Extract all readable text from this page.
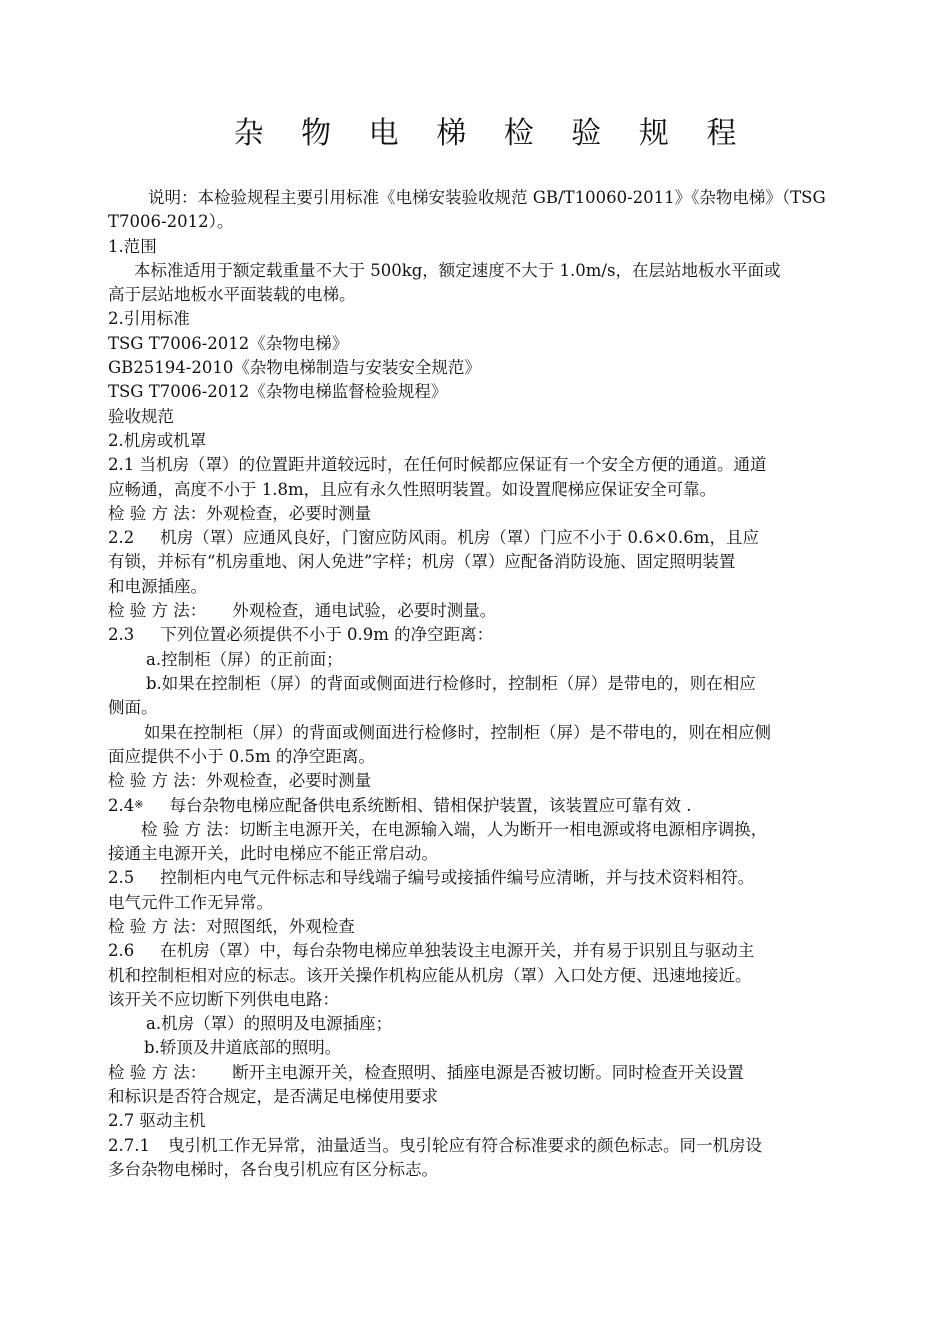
杂 物 电 梯 检 验 规 程
说明：本检验规程主要引用标准《电梯安装验收规范 GB/T10060-2011》《杂物电梯》（TSG
T7006-2012）。
1.范围
本标准适用于额定载重量不大于 500kg，额定速度不大于 1.0m/s，在层站地板水平面或
高于层站地板水平面装载的电梯。
2.引用标准
TSG T7006-2012《杂物电梯》
GB25194-2010《杂物电梯制造与安装安全规范》
TSG T7006-2012《杂物电梯监督检验规程》
验收规范
2.机房或机罩
2.1 当机房（罩）的位置距井道较远时，在任何时候都应保证有一个安全方便的通道。通道
应畅通，高度不小于 1.8m，且应有永久性照明装置。如设置爬梯应保证安全可靠。
检 验 方 法：外观检查，必要时测量
2.2 机房（罩）应通风良好，门窗应防风雨。机房（罩）门应不小于 0.6×0.6m，且应
有锁，并标有“机房重地、闲人免进”字样；机房（罩）应配备消防设施、固定照明装置
和电源插座。
检 验 方 法： 外观检查，通电试验，必要时测量。
2.3 下列位置必须提供不小于 0.9m 的净空距离：
a.控制柜（屏）的正前面；
b.如果在控制柜（屏）的背面或侧面进行检修时，控制柜（屏）是带电的，则在相应
侧面。
如果在控制柜（屏）的背面或侧面进行检修时，控制柜（屏）是不带电的，则在相应侧
面应提供不小于 0.5m 的净空距离。
检 验 方 法：外观检查，必要时测量
2.4※ 每台杂物电梯应配备供电系统断相、错相保护装置，该装置应可靠有效 .
检 验 方 法：切断主电源开关，在电源输入端，人为断开一相电源或将电源相序调换，
接通主电源开关，此时电梯应不能正常启动。
2.5 控制柜内电气元件标志和导线端子编号或接插件编号应清晰，并与技术资料相符。
电气元件工作无异常。
检 验 方 法：对照图纸，外观检查
2.6 在机房（罩）中，每台杂物电梯应单独装设主电源开关，并有易于识别且与驱动主
机和控制柜相对应的标志。该开关操作机构应能从机房（罩）入口处方便、迅速地接近。
该开关不应切断下列供电电路：
a.机房（罩）的照明及电源插座；
b.轿顶及井道底部的照明。
检 验 方 法： 断开主电源开关，检查照明、插座电源是否被切断。同时检查开关设置
和标识是否符合规定，是否满足电梯使用要求
2.7 驱动主机
2.7.1 曳引机工作无异常，油量适当。曳引轮应有符合标准要求的颜色标志。同一机房设
多台杂物电梯时，各台曳引机应有区分标志。
